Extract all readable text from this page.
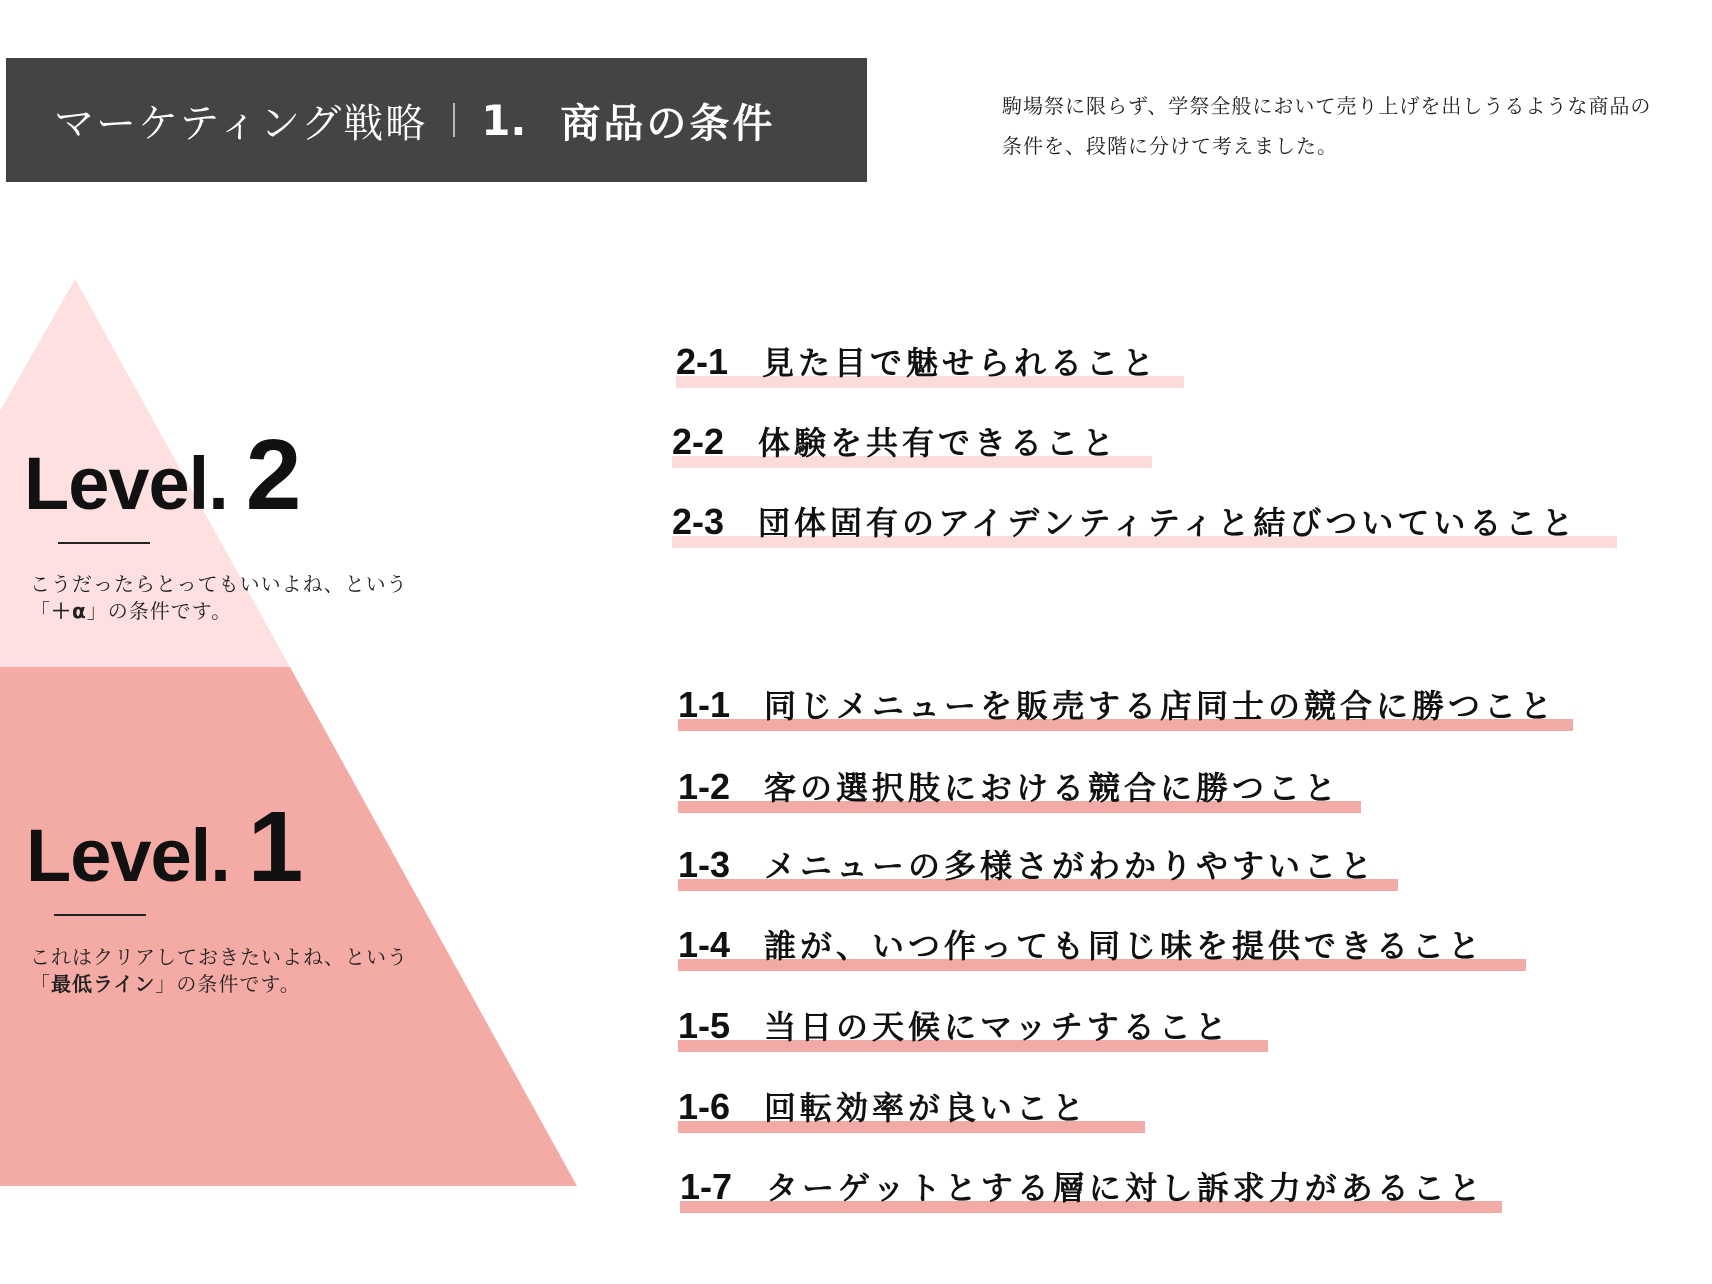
マーケティング戦略 1. 商品の条件	駒場祭に限らず、学祭全般において売り上げを出しうるような商品の
条件を、段階に分けて考えました。
Level. 2
こうだったらとってもいいよね、という
「＋α」の条件です。
Level. 1
これはクリアしておきたいよね、という
「最低ライン」の条件です。
2-1 見た目で魅せられること
2-2 体験を共有できること
2-3 団体固有のアイデンティティと結びついていること
1-1 同じメニューを販売する店同士の競合に勝つこと
1-2 客の選択肢における競合に勝つこと
1-3 メニューの多様さがわかりやすいこと
1-4 誰が、いつ作っても同じ味を提供できること
1-5 当日の天候にマッチすること
1-6 回転効率が良いこと
1-7 ターゲットとする層に対し訴求力があること
